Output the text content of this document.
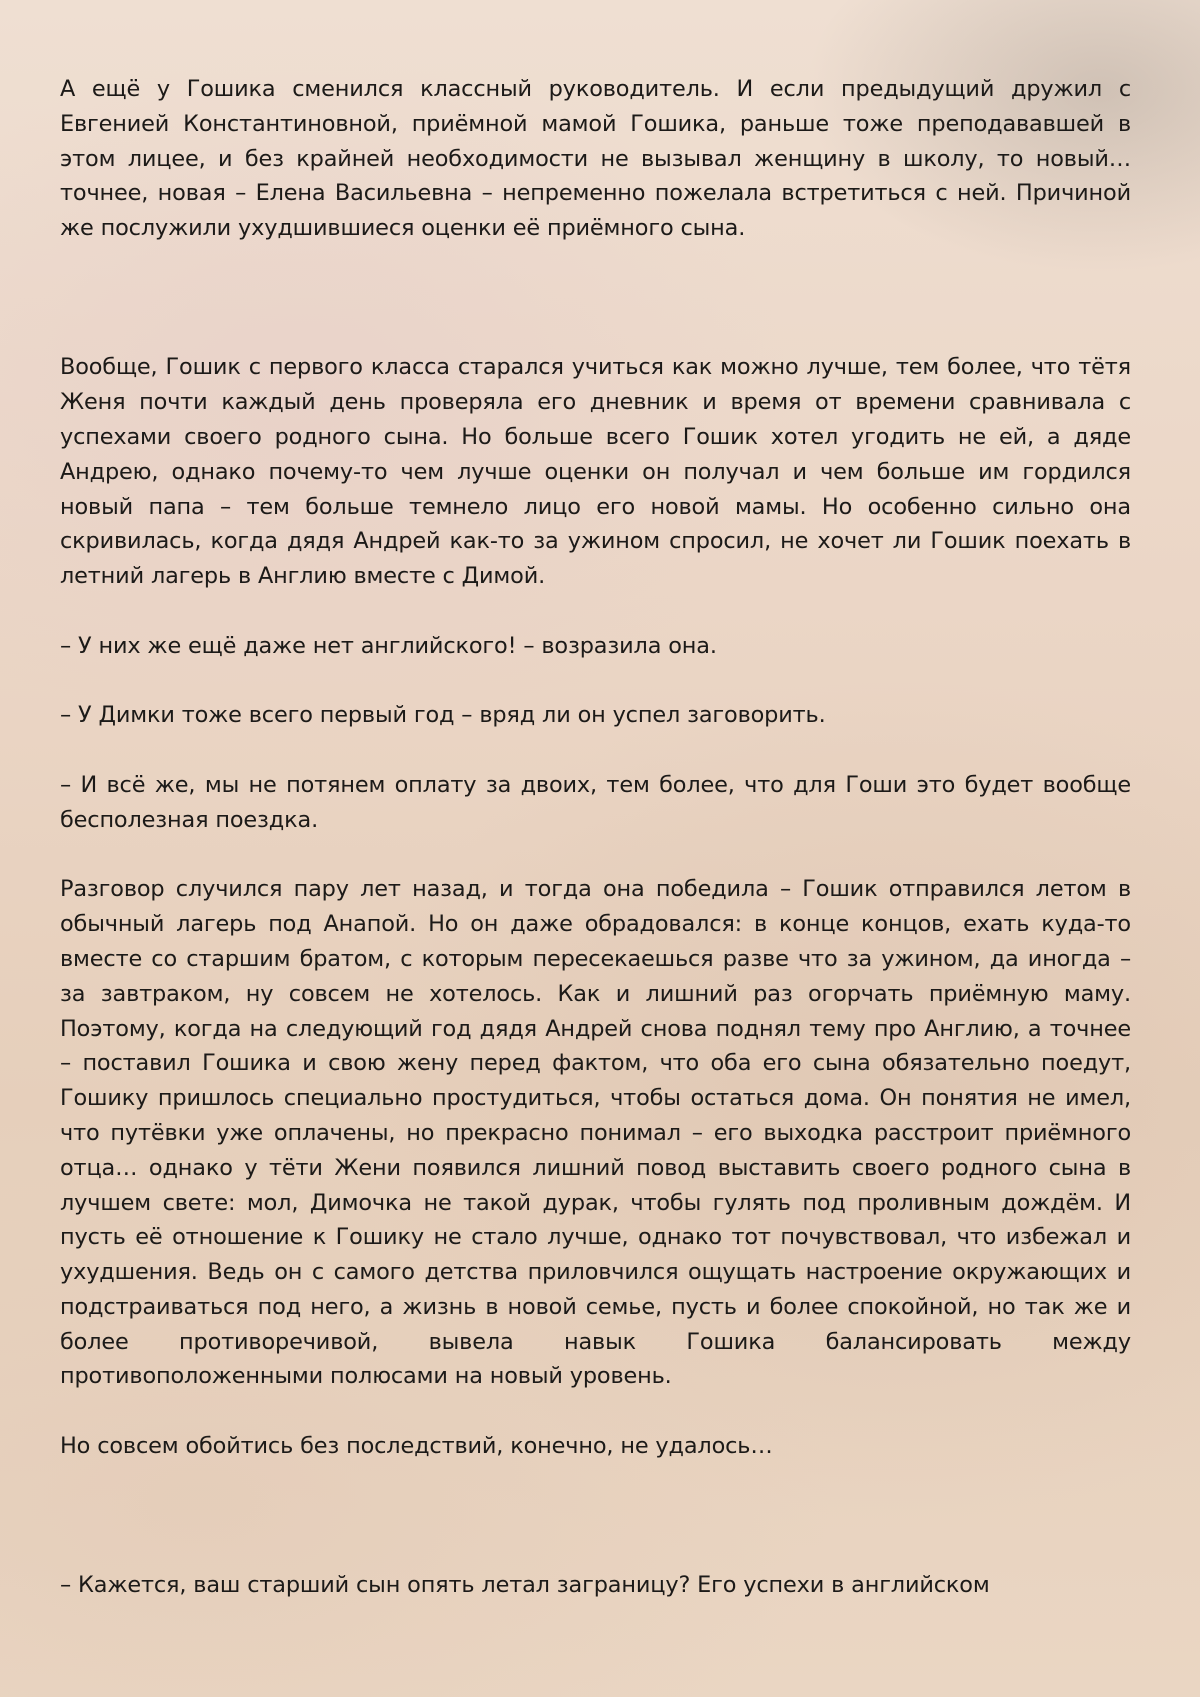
А ещё у Гошика сменился классный руководитель. И если предыдущий дружил с Евгенией Константиновной, приёмной мамой Гошика, раньше тоже преподававшей в этом лицее, и без крайней необходимости не вызывал женщину в школу, то новый… точнее, новая – Елена Васильевна – непременно пожелала встретиться с ней. Причиной же послужили ухудшившиеся оценки её приёмного сына.

Вообще, Гошик с первого класса старался учиться как можно лучше, тем более, что тётя Женя почти каждый день проверяла его дневник и время от времени сравнивала с успехами своего родного сына. Но больше всего Гошик хотел угодить не ей, а дяде Андрею, однако почему-то чем лучше оценки он получал и чем больше им гордился новый папа – тем больше темнело лицо его новой мамы. Но особенно сильно она скривилась, когда дядя Андрей как-то за ужином спросил, не хочет ли Гошик поехать в летний лагерь в Англию вместе с Димой.

– У них же ещё даже нет английского! – возразила она.

– У Димки тоже всего первый год – вряд ли он успел заговорить.

– И всё же, мы не потянем оплату за двоих, тем более, что для Гоши это будет вообще бесполезная поездка.

Разговор случился пару лет назад, и тогда она победила – Гошик отправился летом в обычный лагерь под Анапой. Но он даже обрадовался: в конце концов, ехать куда-то вместе со старшим братом, с которым пересекаешься разве что за ужином, да иногда – за завтраком, ну совсем не хотелось. Как и лишний раз огорчать приёмную маму. Поэтому, когда на следующий год дядя Андрей снова поднял тему про Англию, а точнее – поставил Гошика и свою жену перед фактом, что оба его сына обязательно поедут, Гошику пришлось специально простудиться, чтобы остаться дома. Он понятия не имел, что путёвки уже оплачены, но прекрасно понимал – его выходка расстроит приёмного отца… однако у тёти Жени появился лишний повод выставить своего родного сына в лучшем свете: мол, Димочка не такой дурак, чтобы гулять под проливным дождём. И пусть её отношение к Гошику не стало лучше, однако тот почувствовал, что избежал и ухудшения. Ведь он с самого детства приловчился ощущать настроение окружающих и подстраиваться под него, а жизнь в новой семье, пусть и более спокойной, но так же и более противоречивой, вывела навык Гошика балансировать между противоположенными полюсами на новый уровень.

Но совсем обойтись без последствий, конечно, не удалось…

– Кажется, ваш старший сын опять летал заграницу? Его успехи в английском
